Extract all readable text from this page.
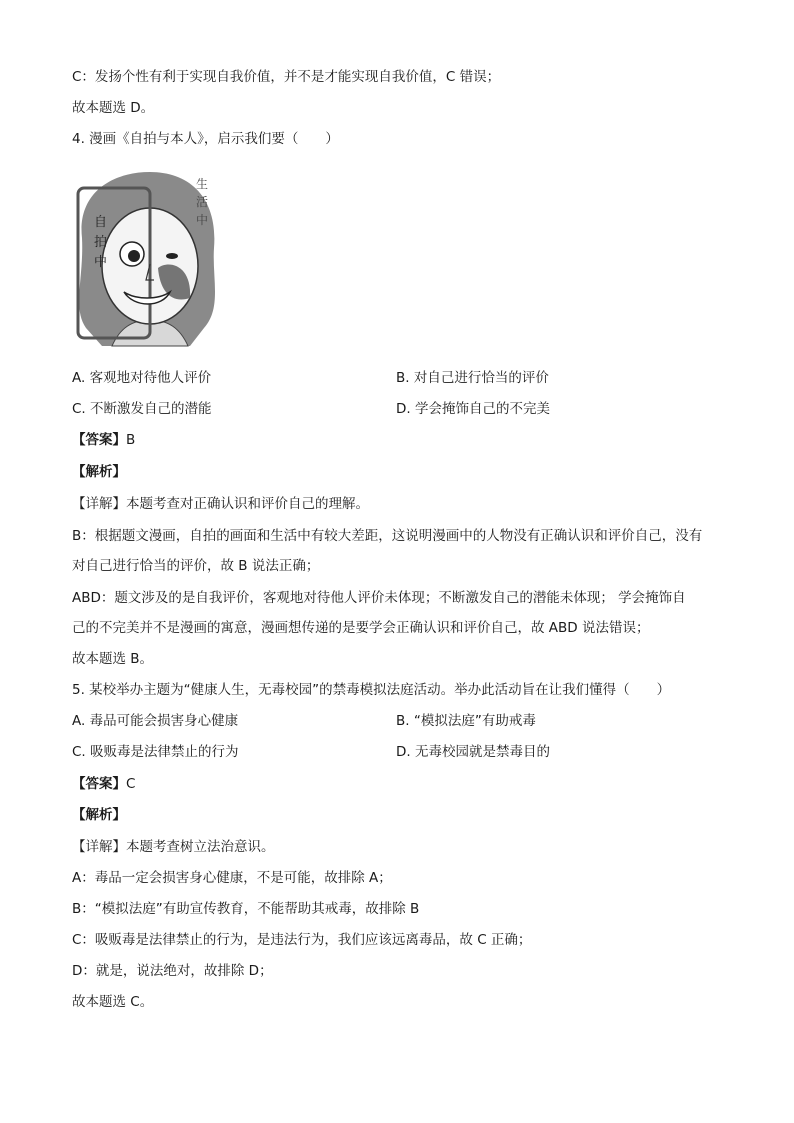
C：发扬个性有利于实现自我价值，并不是才能实现自我价值，C 错误；
故本题选 D。
4. 漫画《自拍与本人》，启示我们要（　　）
自
拍
中
生
活
中
A. 客观地对待他人评价	B. 对自己进行恰当的评价
C. 不断激发自己的潜能	D. 学会掩饰自己的不完美
【答案】B
【解析】
【详解】本题考查对正确认识和评价自己的理解。
B：根据题文漫画，自拍的画面和生活中有较大差距，这说明漫画中的人物没有正确认识和评价自己，没有
对自己进行恰当的评价，故 B 说法正确；
ABD：题文涉及的是自我评价，客观地对待他人评价未体现；不断激发自己的潜能未体现； 学会掩饰自
己的不完美并不是漫画的寓意，漫画想传递的是要学会正确认识和评价自己，故 ABD 说法错误；
故本题选 B。
5. 某校举办主题为“健康人生，无毒校园”的禁毒模拟法庭活动。举办此活动旨在让我们懂得（　　）
A. 毒品可能会损害身心健康	B. “模拟法庭”有助戒毒
C. 吸贩毒是法律禁止的行为	D. 无毒校园就是禁毒目的
【答案】C
【解析】
【详解】本题考查树立法治意识。
A：毒品一定会损害身心健康，不是可能，故排除 A；
B：“模拟法庭”有助宣传教育，不能帮助其戒毒，故排除 B
C：吸贩毒是法律禁止的行为，是违法行为，我们应该远离毒品，故 C 正确；
D：就是，说法绝对，故排除 D；
故本题选 C。
